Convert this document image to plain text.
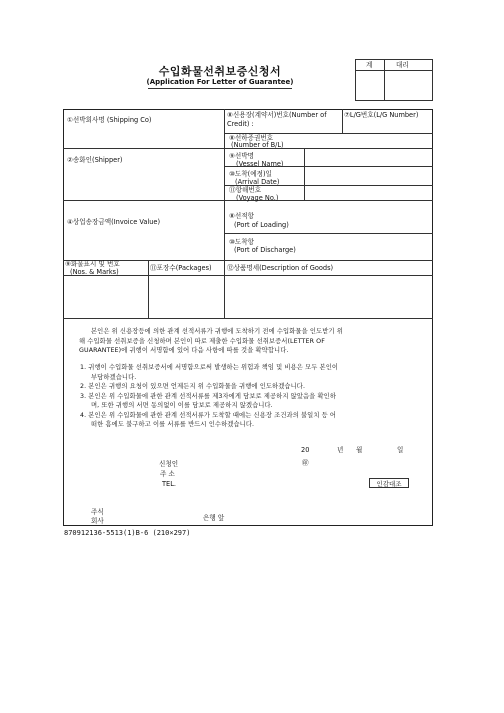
수입화물선취보증신청서
(Application For Letter of Guarantee)
계	대리
①선박회사명 (Shipping Co)
⑧신용장(계약서)번호(Number of Credit) :
⑦L/G번호(L/G Number)
⑧선하증권번호
(Number of B/L)
②송화인(Shipper)	⑨선박명
(Vessel Name)
⑩도착(예정)일
(Arrival Date)
⑪항해번호
(Voyage No.)
④상업송장금액(Invoice Value)
⑧선적항
(Port of Loading)
⑩도착항
(Port of Discharge)
⑨화물표시 및 번호
(Nos. & Marks)	⑪포장수(Packages) ⑫상품명세(Description of Goods)
본인은 위 신용장등에 의한 관계 선적서류가 귀행에 도착하기 전에 수입화물을 인도받기 위
해 수입화물 선취보증을 신청하며 본인이 따로 제출한 수입화물 선취보증서(LETTER OF
GUARANTEE)에 귀행이 서명함에 있어 다음 사항에 따를 것을 확약합니다.
1. 귀행이 수입화물 선취보증서에 서명함으로써 발생하는 위험과 책임 및 비용은 모두 본인이
부담하겠습니다.
2. 본인은 귀행의 요청이 있으면 언제든지 위 수입화물을 귀행에 인도하겠습니다.
3. 본인은 위 수입화물에 관한 관계 선적서류를 제3자에게 담보로 제공하지 않았음을 확인하
며, 또한 귀행의 서면 동의없이 이를 담보로 제공하지 않겠습니다.
4. 본인은 위 수입화물에 관한 관계 선적서류가 도착할 때에는 신용장 조건과의 불일치 등 어
떠한 흠에도 불구하고 이를 서류를 반드시 인수하겠습니다.
20	년 월	일
신청인	㊞
주 소
TEL.	인감대조
주식
회사	은행 앞
870912136-5513(1)B-6 (210×297)
